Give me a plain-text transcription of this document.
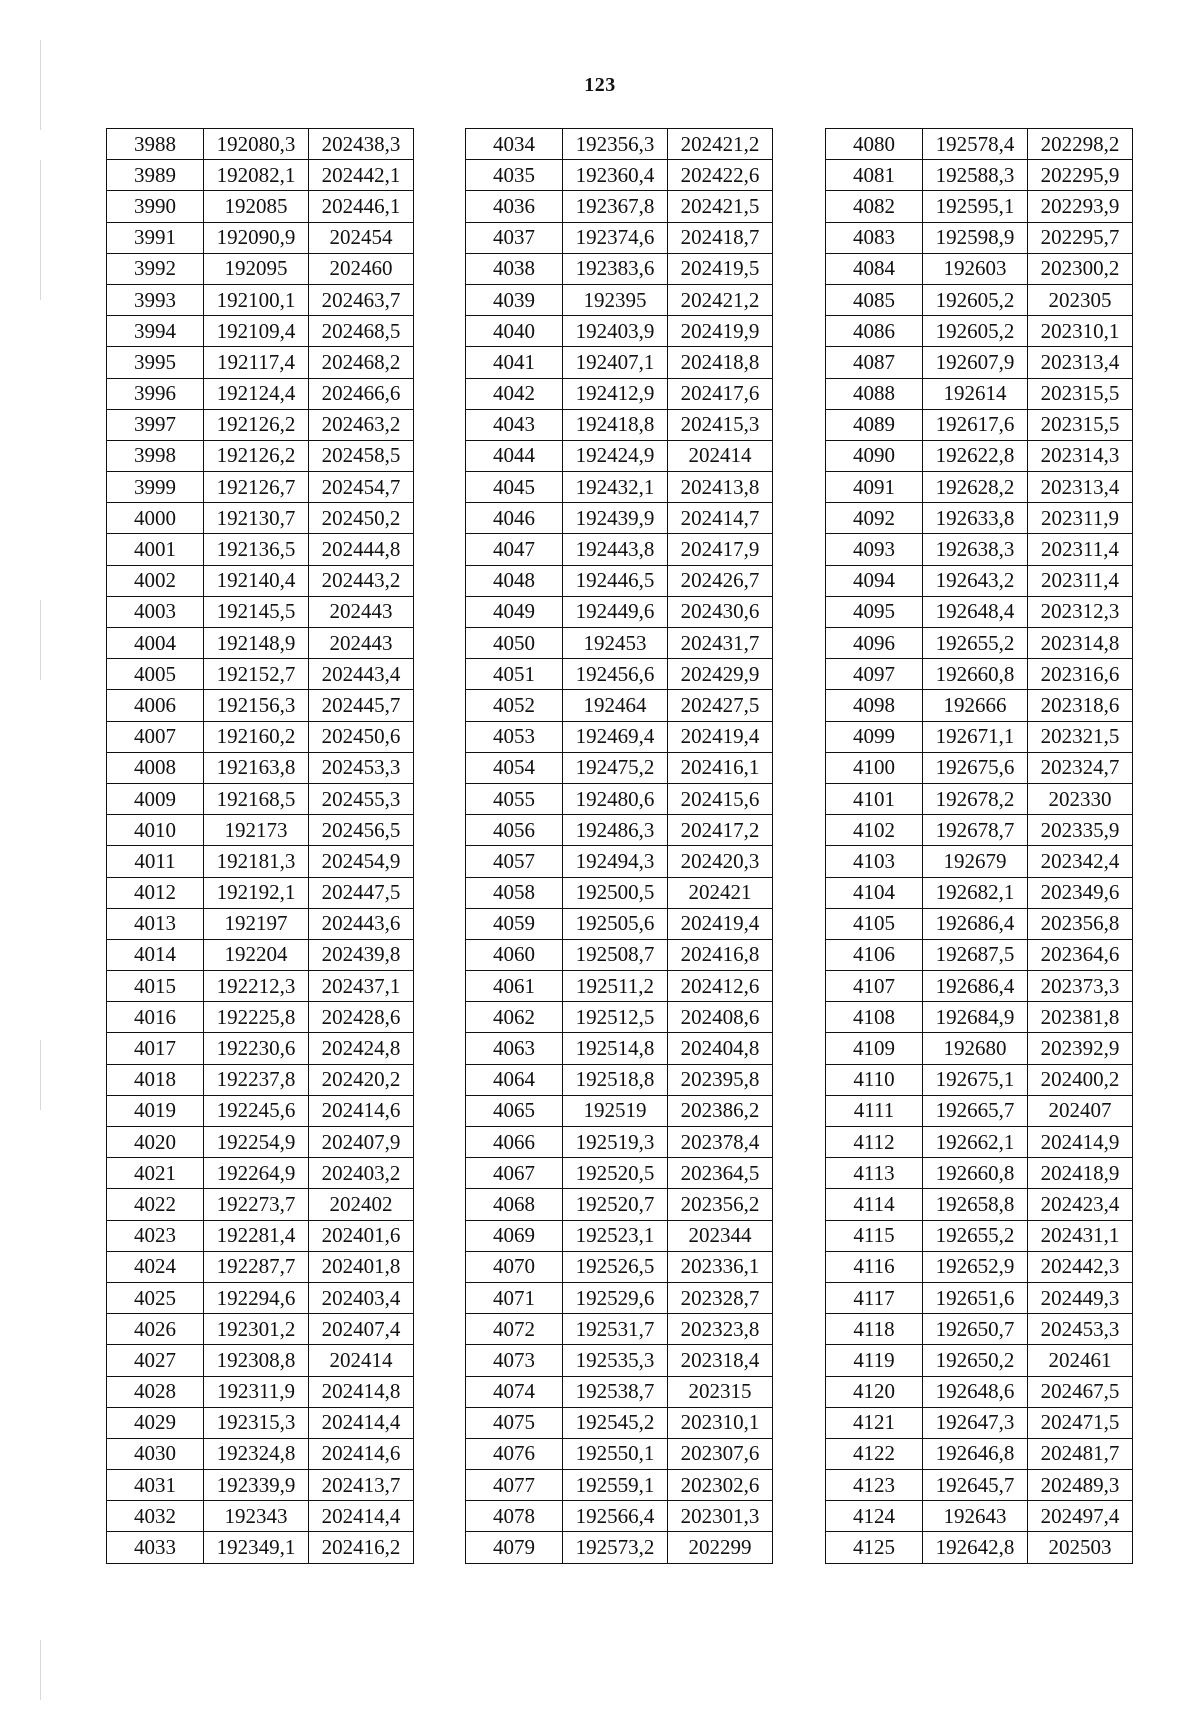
123
3988	192080,3	202438,3
3989	192082,1	202442,1
3990	192085	202446,1
3991	192090,9	202454
3992	192095	202460
3993	192100,1	202463,7
3994	192109,4	202468,5
3995	192117,4	202468,2
3996	192124,4	202466,6
3997	192126,2	202463,2
3998	192126,2	202458,5
3999	192126,7	202454,7
4000	192130,7	202450,2
4001	192136,5	202444,8
4002	192140,4	202443,2
4003	192145,5	202443
4004	192148,9	202443
4005	192152,7	202443,4
4006	192156,3	202445,7
4007	192160,2	202450,6
4008	192163,8	202453,3
4009	192168,5	202455,3
4010	192173	202456,5
4011	192181,3	202454,9
4012	192192,1	202447,5
4013	192197	202443,6
4014	192204	202439,8
4015	192212,3	202437,1
4016	192225,8	202428,6
4017	192230,6	202424,8
4018	192237,8	202420,2
4019	192245,6	202414,6
4020	192254,9	202407,9
4021	192264,9	202403,2
4022	192273,7	202402
4023	192281,4	202401,6
4024	192287,7	202401,8
4025	192294,6	202403,4
4026	192301,2	202407,4
4027	192308,8	202414
4028	192311,9	202414,8
4029	192315,3	202414,4
4030	192324,8	202414,6
4031	192339,9	202413,7
4032	192343	202414,4
4033	192349,1	202416,2
4034	192356,3	202421,2
4035	192360,4	202422,6
4036	192367,8	202421,5
4037	192374,6	202418,7
4038	192383,6	202419,5
4039	192395	202421,2
4040	192403,9	202419,9
4041	192407,1	202418,8
4042	192412,9	202417,6
4043	192418,8	202415,3
4044	192424,9	202414
4045	192432,1	202413,8
4046	192439,9	202414,7
4047	192443,8	202417,9
4048	192446,5	202426,7
4049	192449,6	202430,6
4050	192453	202431,7
4051	192456,6	202429,9
4052	192464	202427,5
4053	192469,4	202419,4
4054	192475,2	202416,1
4055	192480,6	202415,6
4056	192486,3	202417,2
4057	192494,3	202420,3
4058	192500,5	202421
4059	192505,6	202419,4
4060	192508,7	202416,8
4061	192511,2	202412,6
4062	192512,5	202408,6
4063	192514,8	202404,8
4064	192518,8	202395,8
4065	192519	202386,2
4066	192519,3	202378,4
4067	192520,5	202364,5
4068	192520,7	202356,2
4069	192523,1	202344
4070	192526,5	202336,1
4071	192529,6	202328,7
4072	192531,7	202323,8
4073	192535,3	202318,4
4074	192538,7	202315
4075	192545,2	202310,1
4076	192550,1	202307,6
4077	192559,1	202302,6
4078	192566,4	202301,3
4079	192573,2	202299
4080	192578,4	202298,2
4081	192588,3	202295,9
4082	192595,1	202293,9
4083	192598,9	202295,7
4084	192603	202300,2
4085	192605,2	202305
4086	192605,2	202310,1
4087	192607,9	202313,4
4088	192614	202315,5
4089	192617,6	202315,5
4090	192622,8	202314,3
4091	192628,2	202313,4
4092	192633,8	202311,9
4093	192638,3	202311,4
4094	192643,2	202311,4
4095	192648,4	202312,3
4096	192655,2	202314,8
4097	192660,8	202316,6
4098	192666	202318,6
4099	192671,1	202321,5
4100	192675,6	202324,7
4101	192678,2	202330
4102	192678,7	202335,9
4103	192679	202342,4
4104	192682,1	202349,6
4105	192686,4	202356,8
4106	192687,5	202364,6
4107	192686,4	202373,3
4108	192684,9	202381,8
4109	192680	202392,9
4110	192675,1	202400,2
4111	192665,7	202407
4112	192662,1	202414,9
4113	192660,8	202418,9
4114	192658,8	202423,4
4115	192655,2	202431,1
4116	192652,9	202442,3
4117	192651,6	202449,3
4118	192650,7	202453,3
4119	192650,2	202461
4120	192648,6	202467,5
4121	192647,3	202471,5
4122	192646,8	202481,7
4123	192645,7	202489,3
4124	192643	202497,4
4125	192642,8	202503
